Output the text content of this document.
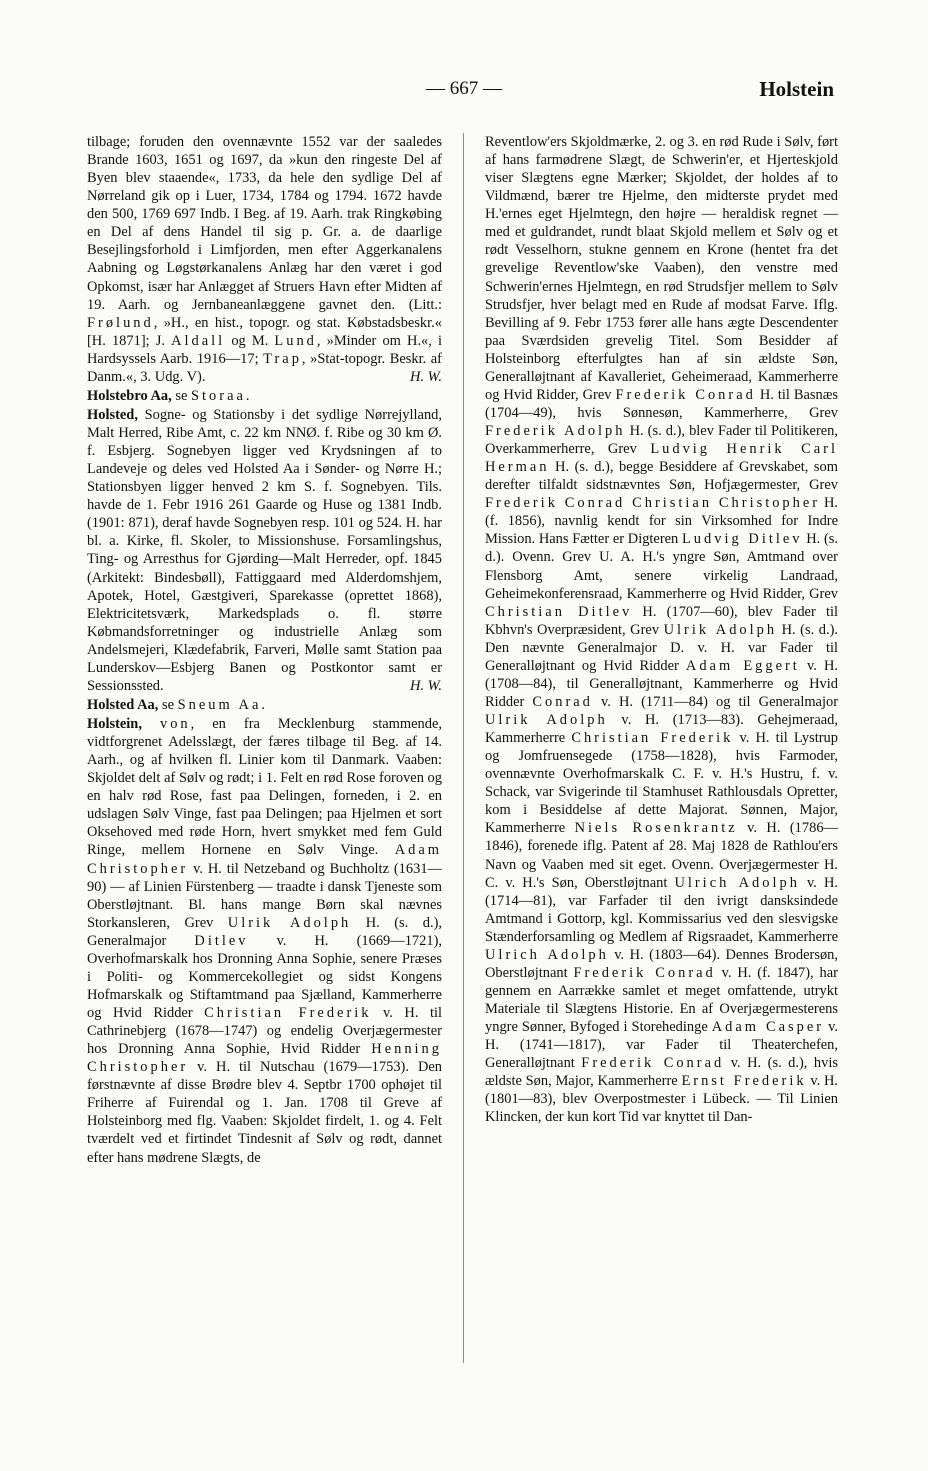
— 667 —	Holstein

tilbage; foruden den ovennævnte 1552 var der saaledes Brande 1603, 1651 og 1697, da »kun den ringeste Del af Byen blev staaende«, 1733, da hele den sydlige Del af Nørreland gik op i Luer, 1734, 1784 og 1794. 1672 havde den 500, 1769 697 Indb. I Beg. af 19. Aarh. trak Ringkøbing en Del af dens Handel til sig p. Gr. a. de daarlige Besejlingsforhold i Limfjorden, men efter Aggerkanalens Aabning og Løgstørkanalens Anlæg har den været i god Opkomst, især har Anlægget af Struers Havn efter Midten af 19. Aarh. og Jernbaneanlæggene gavnet den. (Litt.: Frølund, »H., en hist., topogr. og stat. Købstadsbeskr.« [H. 1871]; J. Aldall og M. Lund, »Minder om H.«, i Hardsyssels Aarb. 1916—17; Trap, »Stat-topogr. Beskr. af Danm.«, 3. Udg. V).	H. W.

Holstebro Aa, se Storaa.

Holsted, Sogne- og Stationsby i det sydlige Nørrejylland, Malt Herred, Ribe Amt, c. 22 km NNØ. f. Ribe og 30 km Ø. f. Esbjerg. Sognebyen ligger ved Krydsningen af to Landeveje og deles ved Holsted Aa i Sønder- og Nørre H.; Stationsbyen ligger henved 2 km S. f. Sognebyen. Tils. havde de 1. Febr 1916 261 Gaarde og Huse og 1381 Indb. (1901: 871), deraf havde Sognebyen resp. 101 og 524. H. har bl. a. Kirke, fl. Skoler, to Missionshuse. Forsamlingshus, Ting- og Arresthus for Gjørding—Malt Herreder, opf. 1845 (Arkitekt: Bindesbøll), Fattiggaard med Alderdomshjem, Apotek, Hotel, Gæstgiveri, Sparekasse (oprettet 1868), Elektricitetsværk, Markedsplads o. fl. større Købmandsforretninger og industrielle Anlæg som Andelsmejeri, Klædefabrik, Farveri, Mølle samt Station paa Lunderskov—Esbjerg Banen og Postkontor samt er Sessionssted.	H. W.

Holsted Aa, se Sneum Aa.

Holstein, von, en fra Mecklenburg stammende, vidtforgrenet Adelsslægt, der færes tilbage til Beg. af 14. Aarh., og af hvilken fl. Linier kom til Danmark. Vaaben: Skjoldet delt af Sølv og rødt; i 1. Felt en rød Rose foroven og en halv rød Rose, fast paa Delingen, forneden, i 2. en udslagen Sølv Vinge, fast paa Delingen; paa Hjelmen et sort Oksehoved med røde Horn, hvert smykket med fem Guld Ringe, mellem Hornene en Sølv Vinge. Adam Christopher v. H. til Netzeband og Buchholtz (1631—90) — af Linien Fürstenberg — traadte i dansk Tjeneste som Oberstløjtnant. Bl. hans mange Børn skal nævnes Storkansleren, Grev Ulrik Adolph H. (s. d.), Generalmajor Ditlev v. H. (1669—1721), Overhofmarskalk hos Dronning Anna Sophie, senere Præses i Politi- og Kommercekollegiet og sidst Kongens Hofmarskalk og Stiftamtmand paa Sjælland, Kammerherre og Hvid Ridder Christian Frederik v. H. til Cathrinebjerg (1678—1747) og endelig Overjægermester hos Dronning Anna Sophie, Hvid Ridder Henning Christopher v. H. til Nutschau (1679—1753). Den førstnævnte af disse Brødre blev 4. Septbr 1700 ophøjet til Friherre af Fuirendal og 1. Jan. 1708 til Greve af Holsteinborg med flg. Vaaben: Skjoldet firdelt, 1. og 4. Felt tværdelt ved et firtindet Tindesnit af Sølv og rødt, dannet efter hans mødrene Slægts, de

Reventlow'ers Skjoldmærke, 2. og 3. en rød Rude i Sølv, ført af hans farmødrene Slægt, de Schwerin'er, et Hjerteskjold viser Slægtens egne Mærker; Skjoldet, der holdes af to Vildmænd, bærer tre Hjelme, den midterste prydet med H.'ernes eget Hjelmtegn, den højre — heraldisk regnet — med et guldrandet, rundt blaat Skjold mellem et Sølv og et rødt Vesselhorn, stukne gennem en Krone (hentet fra det grevelige Reventlow'ske Vaaben), den venstre med Schwerin'ernes Hjelmtegn, en rød Strudsfjer mellem to Sølv Strudsfjer, hver belagt med en Rude af modsat Farve. Iflg. Bevilling af 9. Febr 1753 fører alle hans ægte Descendenter paa Sværdsiden grevelig Titel. Som Besidder af Holsteinborg efterfulgtes han af sin ældste Søn, Generalløjtnant af Kavalleriet, Geheimeraad, Kammerherre og Hvid Ridder, Grev Frederik Conrad H. til Basnæs (1704—49), hvis Sønnesøn, Kammerherre, Grev Frederik Adolph H. (s. d.), blev Fader til Politikeren, Overkammerherre, Grev Ludvig Henrik Carl Herman H. (s. d.), begge Besiddere af Grevskabet, som derefter tilfaldt sidstnævntes Søn, Hofjægermester, Grev Frederik Conrad Christian Christopher H. (f. 1856), navnlig kendt for sin Virksomhed for Indre Mission. Hans Fætter er Digteren Ludvig Ditlev H. (s. d.). Ovenn. Grev U. A. H.'s yngre Søn, Amtmand over Flensborg Amt, senere virkelig Landraad, Geheimekonferensraad, Kammerherre og Hvid Ridder, Grev Christian Ditlev H. (1707—60), blev Fader til Kbhvn's Overpræsident, Grev Ulrik Adolph H. (s. d.). Den nævnte Generalmajor D. v. H. var Fader til Generalløjtnant og Hvid Ridder Adam Eggert v. H. (1708—84), til Generalløjtnant, Kammerherre og Hvid Ridder Conrad v. H. (1711—84) og til Generalmajor Ulrik Adolph v. H. (1713—83). Gehejmeraad, Kammerherre Christian Frederik v. H. til Lystrup og Jomfruensegede (1758—1828), hvis Farmoder, ovennævnte Overhofmarskalk C. F. v. H.'s Hustru, f. v. Schack, var Svigerinde til Stamhuset Rathlousdals Opretter, kom i Besiddelse af dette Majorat. Sønnen, Major, Kammerherre Niels Rosenkrantz v. H. (1786—1846), forenede iflg. Patent af 28. Maj 1828 de Rathlou'ers Navn og Vaaben med sit eget. Ovenn. Overjægermester H. C. v. H.'s Søn, Oberstløjtnant Ulrich Adolph v. H. (1714—81), var Farfader til den ivrigt dansksindede Amtmand i Gottorp, kgl. Kommissarius ved den slesvigske Stænderforsamling og Medlem af Rigsraadet, Kammerherre Ulrich Adolph v. H. (1803—64). Dennes Brodersøn, Oberstløjtnant Frederik Conrad v. H. (f. 1847), har gennem en Aarrække samlet et meget omfattende, utrykt Materiale til Slægtens Historie. En af Overjægermesterens yngre Sønner, Byfoged i Storehedinge Adam Casper v. H. (1741—1817), var Fader til Theaterchefen, Generalløjtnant Frederik Conrad v. H. (s. d.), hvis ældste Søn, Major, Kammerherre Ernst Frederik v. H. (1801—83), blev Overpostmester i Lübeck. — Til Linien Klincken, der kun kort Tid var knyttet til Dan-
